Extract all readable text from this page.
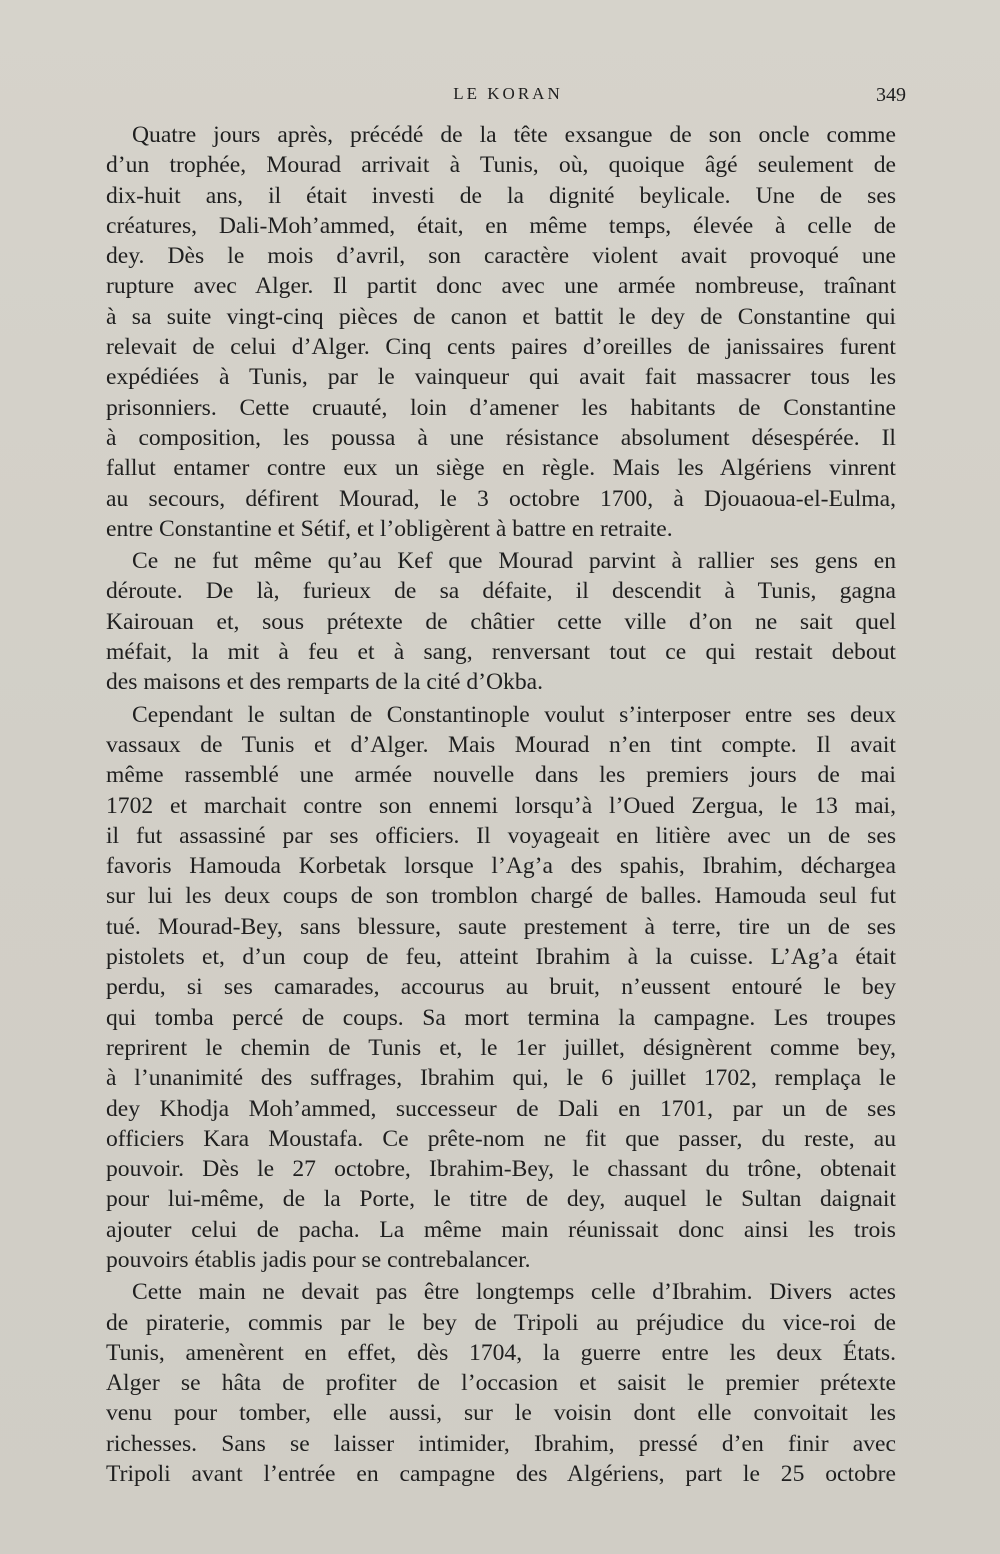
LE KORAN	349
Quatre jours après, précédé de la tête exsangue de son oncle comme
d’un trophée, Mourad arrivait à Tunis, où, quoique âgé seulement de
dix-huit ans, il était investi de la dignité beylicale. Une de ses
créatures, Dali-Moh’ammed, était, en même temps, élevée à celle de
dey. Dès le mois d’avril, son caractère violent avait provoqué une
rupture avec Alger. Il partit donc avec une armée nombreuse, traînant
à sa suite vingt-cinq pièces de canon et battit le dey de Constantine qui
relevait de celui d’Alger. Cinq cents paires d’oreilles de janissaires furent
expédiées à Tunis, par le vainqueur qui avait fait massacrer tous les
prisonniers. Cette cruauté, loin d’amener les habitants de Constantine
à composition, les poussa à une résistance absolument désespérée. Il
fallut entamer contre eux un siège en règle. Mais les Algériens vinrent
au secours, défirent Mourad, le 3 octobre 1700, à Djouaoua-el-Eulma,
entre Constantine et Sétif, et l’obligèrent à battre en retraite.
Ce ne fut même qu’au Kef que Mourad parvint à rallier ses gens en
déroute. De là, furieux de sa défaite, il descendit à Tunis, gagna
Kairouan et, sous prétexte de châtier cette ville d’on ne sait quel
méfait, la mit à feu et à sang, renversant tout ce qui restait debout
des maisons et des remparts de la cité d’Okba.
Cependant le sultan de Constantinople voulut s’interposer entre ses deux
vassaux de Tunis et d’Alger. Mais Mourad n’en tint compte. Il avait
même rassemblé une armée nouvelle dans les premiers jours de mai
1702 et marchait contre son ennemi lorsqu’à l’Oued Zergua, le 13 mai,
il fut assassiné par ses officiers. Il voyageait en litière avec un de ses
favoris Hamouda Korbetak lorsque l’Ag’a des spahis, Ibrahim, déchargea
sur lui les deux coups de son tromblon chargé de balles. Hamouda seul fut
tué. Mourad-Bey, sans blessure, saute prestement à terre, tire un de ses
pistolets et, d’un coup de feu, atteint Ibrahim à la cuisse. L’Ag’a était
perdu, si ses camarades, accourus au bruit, n’eussent entouré le bey
qui tomba percé de coups. Sa mort termina la campagne. Les troupes
reprirent le chemin de Tunis et, le 1er juillet, désignèrent comme bey,
à l’unanimité des suffrages, Ibrahim qui, le 6 juillet 1702, remplaça le
dey Khodja Moh’ammed, successeur de Dali en 1701, par un de ses
officiers Kara Moustafa. Ce prête-nom ne fit que passer, du reste, au
pouvoir. Dès le 27 octobre, Ibrahim-Bey, le chassant du trône, obtenait
pour lui-même, de la Porte, le titre de dey, auquel le Sultan daignait
ajouter celui de pacha. La même main réunissait donc ainsi les trois
pouvoirs établis jadis pour se contrebalancer.
Cette main ne devait pas être longtemps celle d’Ibrahim. Divers actes
de piraterie, commis par le bey de Tripoli au préjudice du vice-roi de
Tunis, amenèrent en effet, dès 1704, la guerre entre les deux États.
Alger se hâta de profiter de l’occasion et saisit le premier prétexte
venu pour tomber, elle aussi, sur le voisin dont elle convoitait les
richesses. Sans se laisser intimider, Ibrahim, pressé d’en finir avec
Tripoli avant l’entrée en campagne des Algériens, part le 25 octobre
